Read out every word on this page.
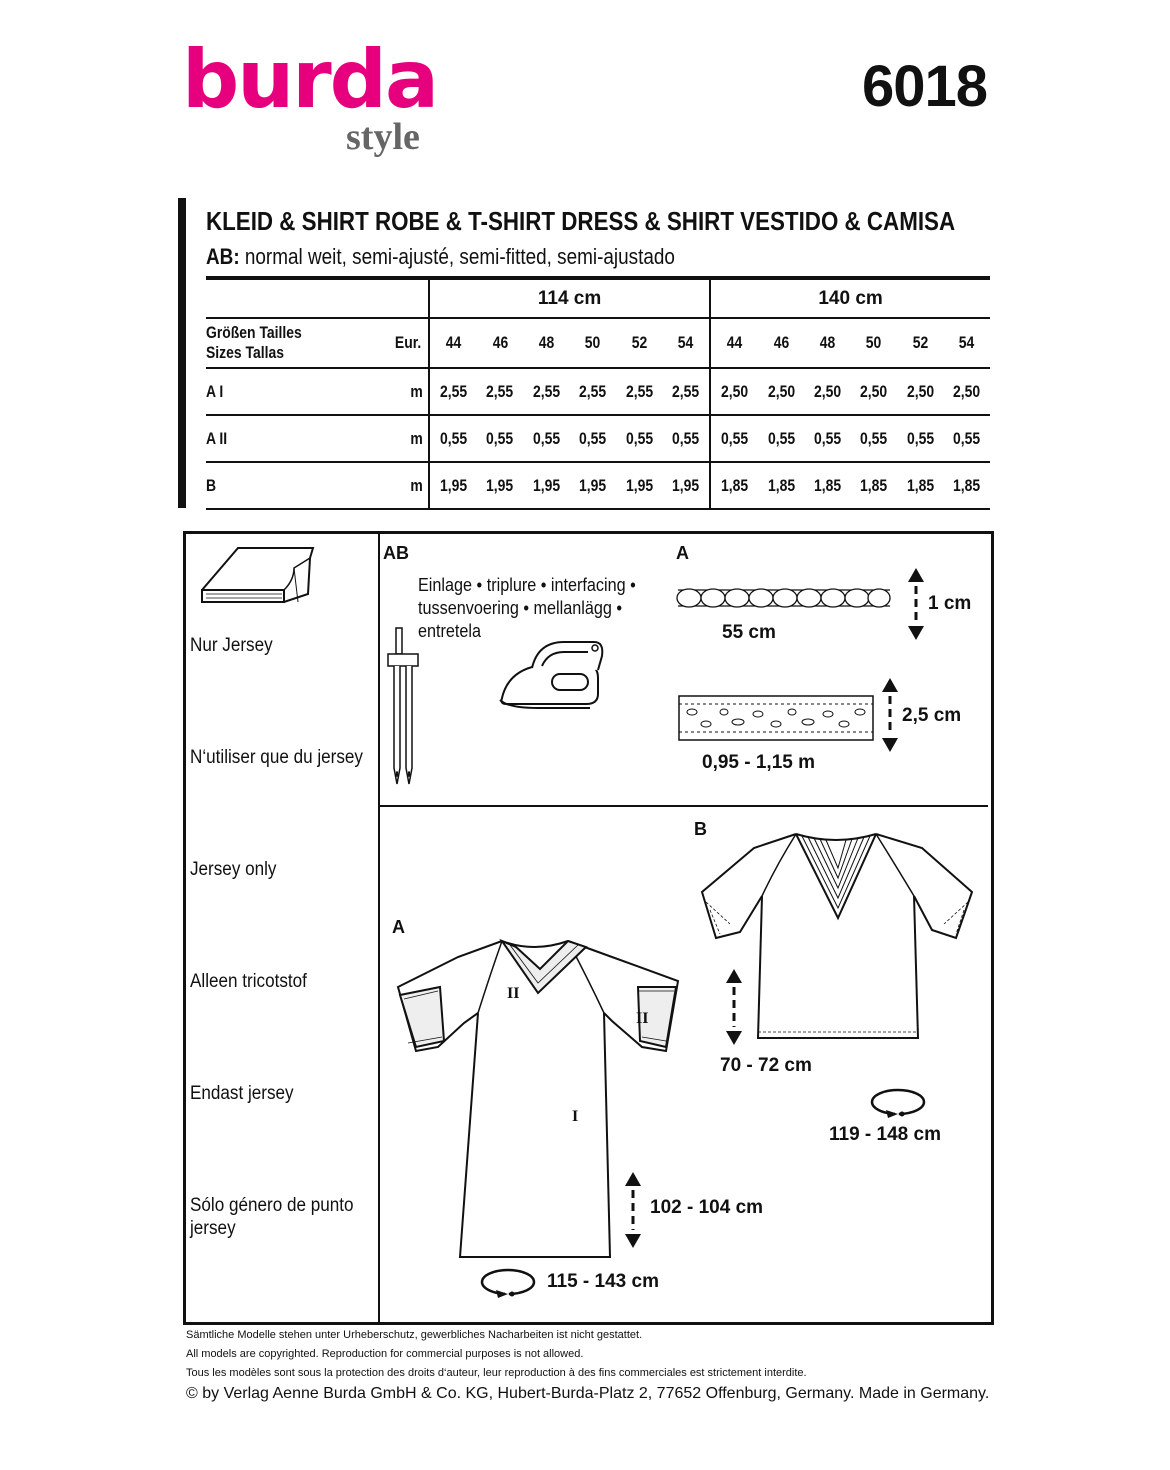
burda
style
6018
KLEID & SHIRT ROBE & T-SHIRT DRESS & SHIRT VESTIDO & CAMISA
AB: normal weit, semi-ajusté, semi-fitted, semi-ajustado
		114 cm						140 cm					
Größen Tailles
Sizes Tallas	Eur.	44	46	48	50	52	54	44	46	48	50	52	54
A I	m	2,55	2,55	2,55	2,55	2,55	2,55	2,50	2,50	2,50	2,50	2,50	2,50
A II	m	0,55	0,55	0,55	0,55	0,55	0,55	0,55	0,55	0,55	0,55	0,55	0,55
B	m	1,95	1,95	1,95	1,95	1,95	1,95	1,85	1,85	1,85	1,85	1,85	1,85
Nur Jersey
N‘utiliser que du jersey
Jersey only
Alleen tricotstof
Endast jersey
Sólo género de punto
jersey
AB
Einlage • triplure • interfacing •
tussenvoering • mellanlägg •
entretela
A
55 cm
1 cm
0,95 - 1,15 m
2,5 cm
A
II
II
I
102 - 104 cm
115 - 143 cm
B
70 - 72 cm
119 - 148 cm
Sämtliche Modelle stehen unter Urheberschutz, gewerbliches Nacharbeiten ist nicht gestattet.
All models are copyrighted. Reproduction for commercial purposes is not allowed.
Tous les modèles sont sous la protection des droits d‘auteur, leur reproduction à des fins commerciales est strictement interdite.
© by Verlag Aenne Burda GmbH & Co. KG, Hubert-Burda-Platz 2, 77652 Offenburg, Germany. Made in Germany.
